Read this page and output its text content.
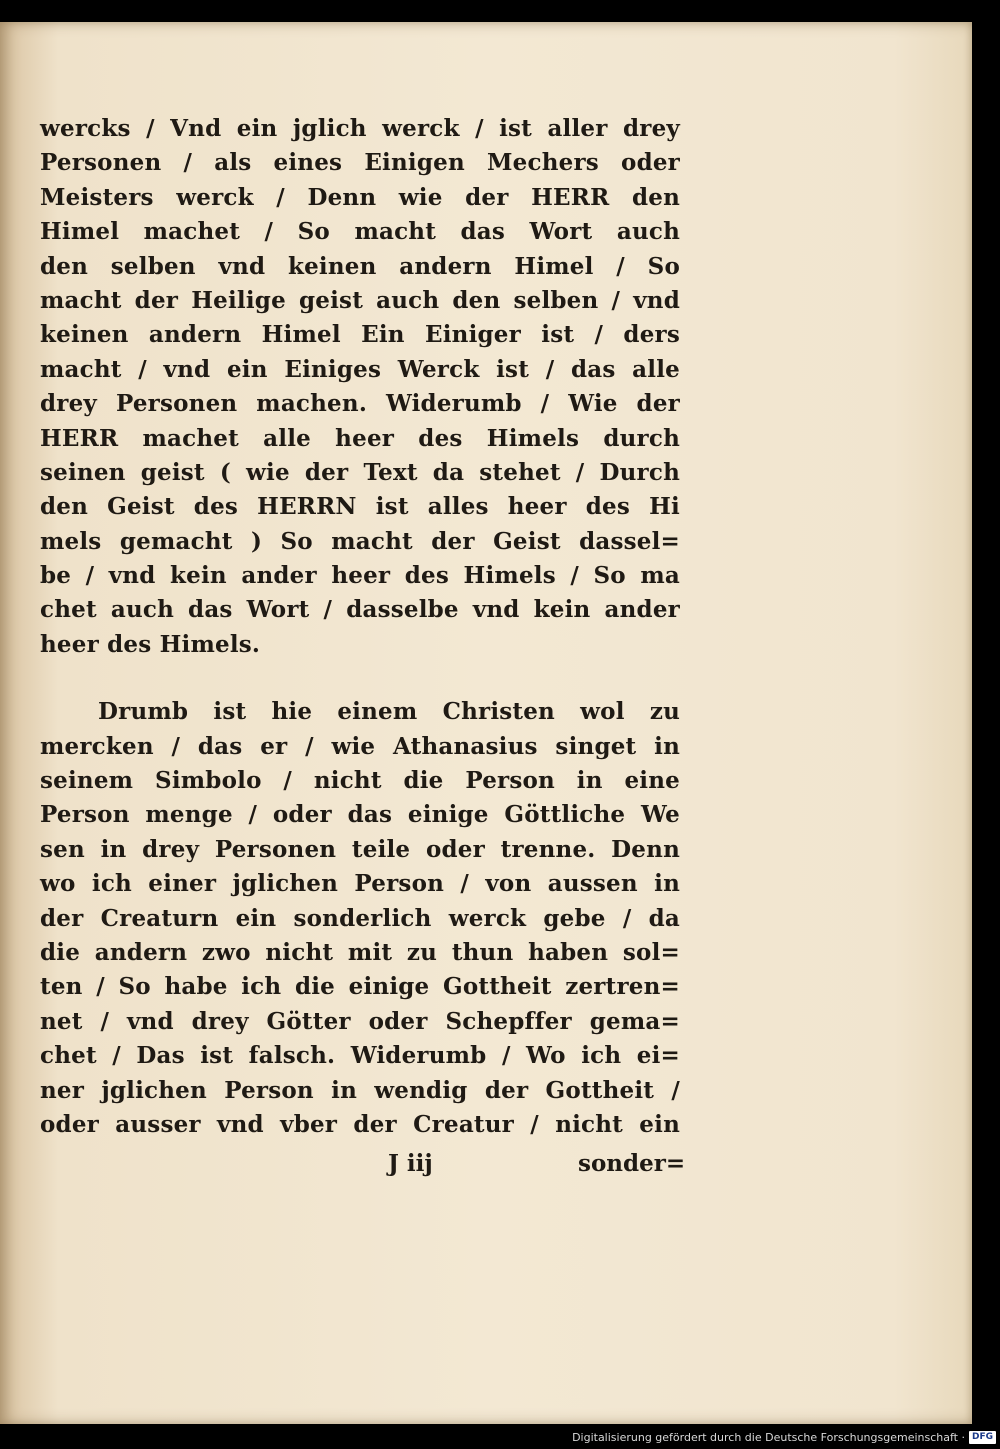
wercks / Vnd ein jglich werck / ist aller drey
Personen / als eines Einigen Mechers oder
Meisters werck / Denn wie der HERR den
Himel machet / So macht das Wort auch
den selben vnd keinen andern Himel / So
macht der Heilige geist auch den selben / vnd
keinen andern Himel Ein Einiger ist / ders
macht / vnd ein Einiges Werck ist / das alle
drey Personen machen. Widerumb / Wie der
HERR machet alle heer des Himels durch
seinen geist ( wie der Text da stehet / Durch
den Geist des HERRN ist alles heer des Hi
mels gemacht ) So macht der Geist dassel=
be / vnd kein ander heer des Himels / So ma
chet auch das Wort / dasselbe vnd kein ander
heer des Himels.
Drumb ist hie einem Christen wol zu
mercken / das er / wie Athanasius singet in
seinem Simbolo / nicht die Person in eine
Person menge / oder das einige Göttliche We
sen in drey Personen teile oder trenne. Denn
wo ich einer jglichen Person / von aussen in
der Creaturn ein sonderlich werck gebe / da
die andern zwo nicht mit zu thun haben sol=
ten / So habe ich die einige Gottheit zertren=
net / vnd drey Götter oder Schepffer gema=
chet / Das ist falsch. Widerumb / Wo ich ei=
ner jglichen Person in wendig der Gottheit /
oder ausser vnd vber der Creatur / nicht ein
J iij	sonder=
Digitalisierung gefördert durch die Deutsche Forschungsgemeinschaft · DFG
